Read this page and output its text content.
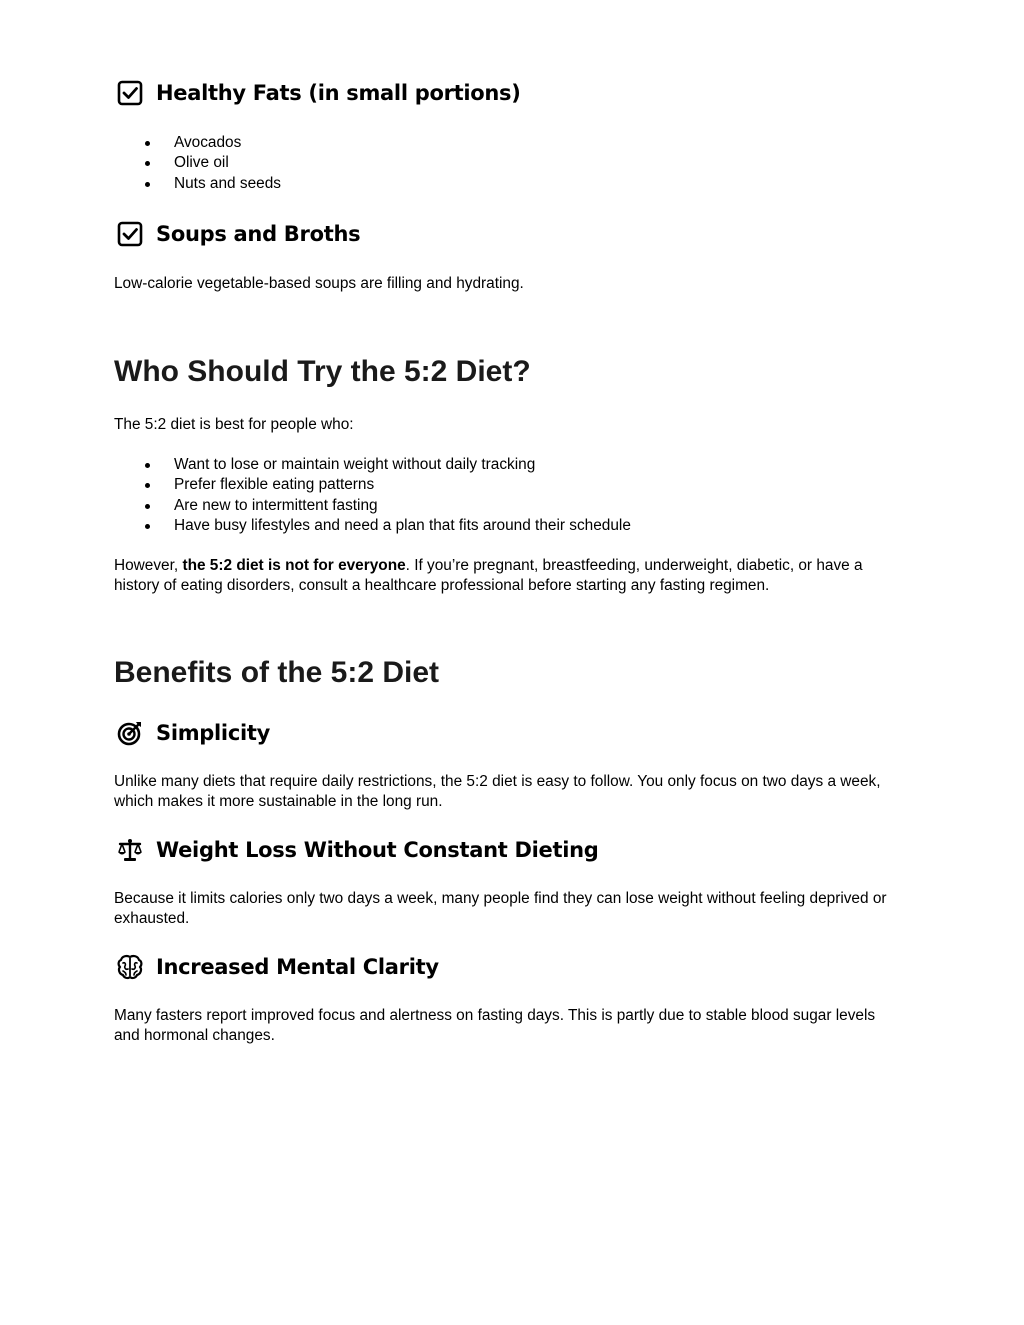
Healthy Fats (in small portions)
Avocados
Olive oil
Nuts and seeds
Soups and Broths
Low-calorie vegetable-based soups are filling and hydrating.
Who Should Try the 5:2 Diet?
The 5:2 diet is best for people who:
Want to lose or maintain weight without daily tracking
Prefer flexible eating patterns
Are new to intermittent fasting
Have busy lifestyles and need a plan that fits around their schedule
However, the 5:2 diet is not for everyone. If you’re pregnant, breastfeeding, underweight, diabetic, or have a history of eating disorders, consult a healthcare professional before starting any fasting regimen.
Benefits of the 5:2 Diet
Simplicity
Unlike many diets that require daily restrictions, the 5:2 diet is easy to follow. You only focus on two days a week, which makes it more sustainable in the long run.
Weight Loss Without Constant Dieting
Because it limits calories only two days a week, many people find they can lose weight without feeling deprived or exhausted.
Increased Mental Clarity
Many fasters report improved focus and alertness on fasting days. This is partly due to stable blood sugar levels and hormonal changes.
